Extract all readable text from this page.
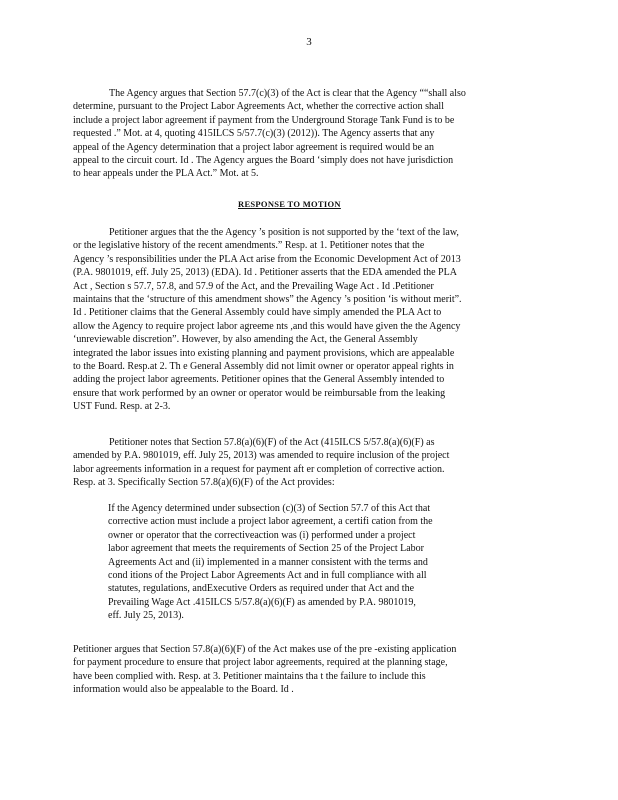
3
The Agency argues that Section 57.7(c)(3) of the Act is clear that the Agency ““shall also
determine, pursuant to the Project Labor Agreements Act, whether the corrective action shall
include a project labor agreement if payment from the Underground Storage Tank Fund is to be
requested .” Mot. at 4, quoting 415ILCS 5/57.7(c)(3) (2012)). The Agency asserts that any
appeal of the Agency determination that a project labor agreement is required would be an
appeal to the circuit court. Id . The Agency argues the Board ‘simply does not have jurisdiction
to hear appeals under the PLA Act.” Mot. at 5.
RESPONSE TO MOTION
Petitioner argues that the the Agency ’s position is not supported by the ‘text of the law,
or the legislative history of the recent amendments.” Resp. at 1. Petitioner notes that the
Agency ’s responsibilities under the PLA Act arise from the Economic Development Act of 2013
(P.A. 9801019, eff. July 25, 2013) (EDA). Id . Petitioner asserts that the EDA amended the PLA
Act , Section s 57.7, 57.8, and 57.9 of the Act, and the Prevailing Wage Act . Id .Petitioner
maintains that the ‘structure of this amendment shows” the Agency ’s position ‘is without merit”.
Id . Petitioner claims that the General Assembly could have simply amended the PLA Act to
allow the Agency to require project labor agreeme nts ,and this would have given the the Agency
‘unreviewable discretion”. However, by also amending the Act, the General Assembly
integrated the labor issues into existing planning and payment provisions, which are appealable
to the Board. Resp.at 2. Th e General Assembly did not limit owner or operator appeal rights in
adding the project labor agreements. Petitioner opines that the General Assembly intended to
ensure that work performed by an owner or operator would be reimbursable from the leaking
UST Fund. Resp. at 2-3.
Petitioner notes that Section 57.8(a)(6)(F) of the Act (415ILCS 5/57.8(a)(6)(F) as
amended by P.A. 9801019, eff. July 25, 2013) was amended to require inclusion of the project
labor agreements information in a request for payment aft er completion of corrective action.
Resp. at 3. Specifically Section 57.8(a)(6)(F) of the Act provides:
If the Agency determined under subsection (c)(3) of Section 57.7 of this Act that
corrective action must include a project labor agreement, a certifi cation from the
owner or operator that the correctiveaction was (i) performed under a project
labor agreement that meets the requirements of Section 25 of the Project Labor
Agreements Act and (ii) implemented in a manner consistent with the terms and
cond itions of the Project Labor Agreements Act and in full compliance with all
statutes, regulations, andExecutive Orders as required under that Act and the
Prevailing Wage Act .415ILCS 5/57.8(a)(6)(F) as amended by P.A. 9801019,
eff. July 25, 2013).
Petitioner argues that Section 57.8(a)(6)(F) of the Act makes use of the pre -existing application
for payment procedure to ensure that project labor agreements, required at the planning stage,
have been complied with. Resp. at 3. Petitioner maintains tha t the failure to include this
information would also be appealable to the Board. Id .
